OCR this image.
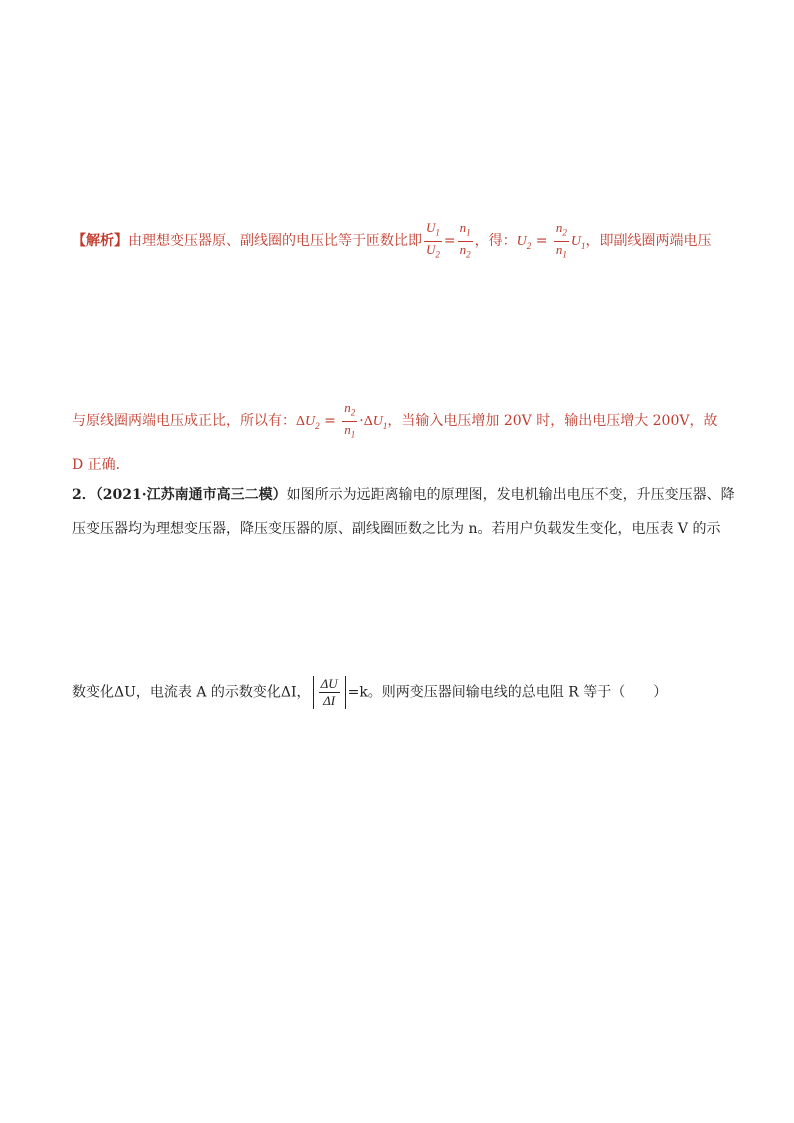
【解析】由理想变压器原、副线圈的电压比等于匝数比即 $\frac{U_1}{U_2} = \frac{n_1}{n_2}$ ，得：$U_2 = \frac{n_2}{n_1} U_1$，即副线圈两端电压
与原线圈两端电压成正比，所以有：$\Delta U_2 = \frac{n_2}{n_1} \cdot\Delta U_1$，当输入电压增加 20V 时，输出电压增大 200V，故
D 正确．
2．（2021·江苏南通市高三二模）如图所示为远距离输电的原理图，发电机输出电压不变，升压变压器、降
压变压器均为理想变压器，降压变压器的原、副线圈匝数之比为 n。若用户负载发生变化，电压表 V 的示
数变化ΔU，电流表 A 的示数变化ΔI， $\frac{\Delta U}{\Delta I} =k$。则两变压器间输电线的总电阻 R 等于（　　）
